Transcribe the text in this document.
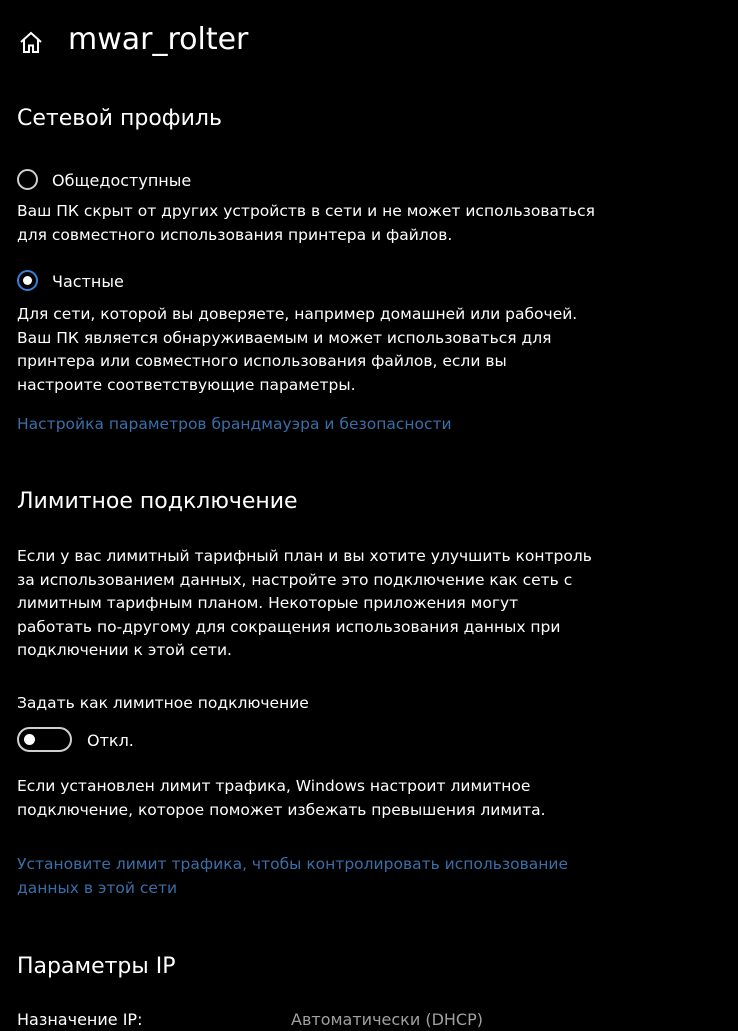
mwar_rolter
Сетевой профиль
Общедоступные
Ваш ПК скрыт от других устройств в сети и не может использоваться
для совместного использования принтера и файлов.
Частные
Для сети, которой вы доверяете, например домашней или рабочей.
Ваш ПК является обнаруживаемым и может использоваться для
принтера или совместного использования файлов, если вы
настроите соответствующие параметры.
Настройка параметров брандмауэра и безопасности
Лимитное подключение
Если у вас лимитный тарифный план и вы хотите улучшить контроль
за использованием данных, настройте это подключение как сеть с
лимитным тарифным планом. Некоторые приложения могут
работать по-другому для сокращения использования данных при
подключении к этой сети.
Задать как лимитное подключение
Откл.
Если установлен лимит трафика, Windows настроит лимитное
подключение, которое поможет избежать превышения лимита.
Установите лимит трафика, чтобы контролировать использование
данных в этой сети
Параметры IP
Назначение IP:	Автоматически (DHCP)
